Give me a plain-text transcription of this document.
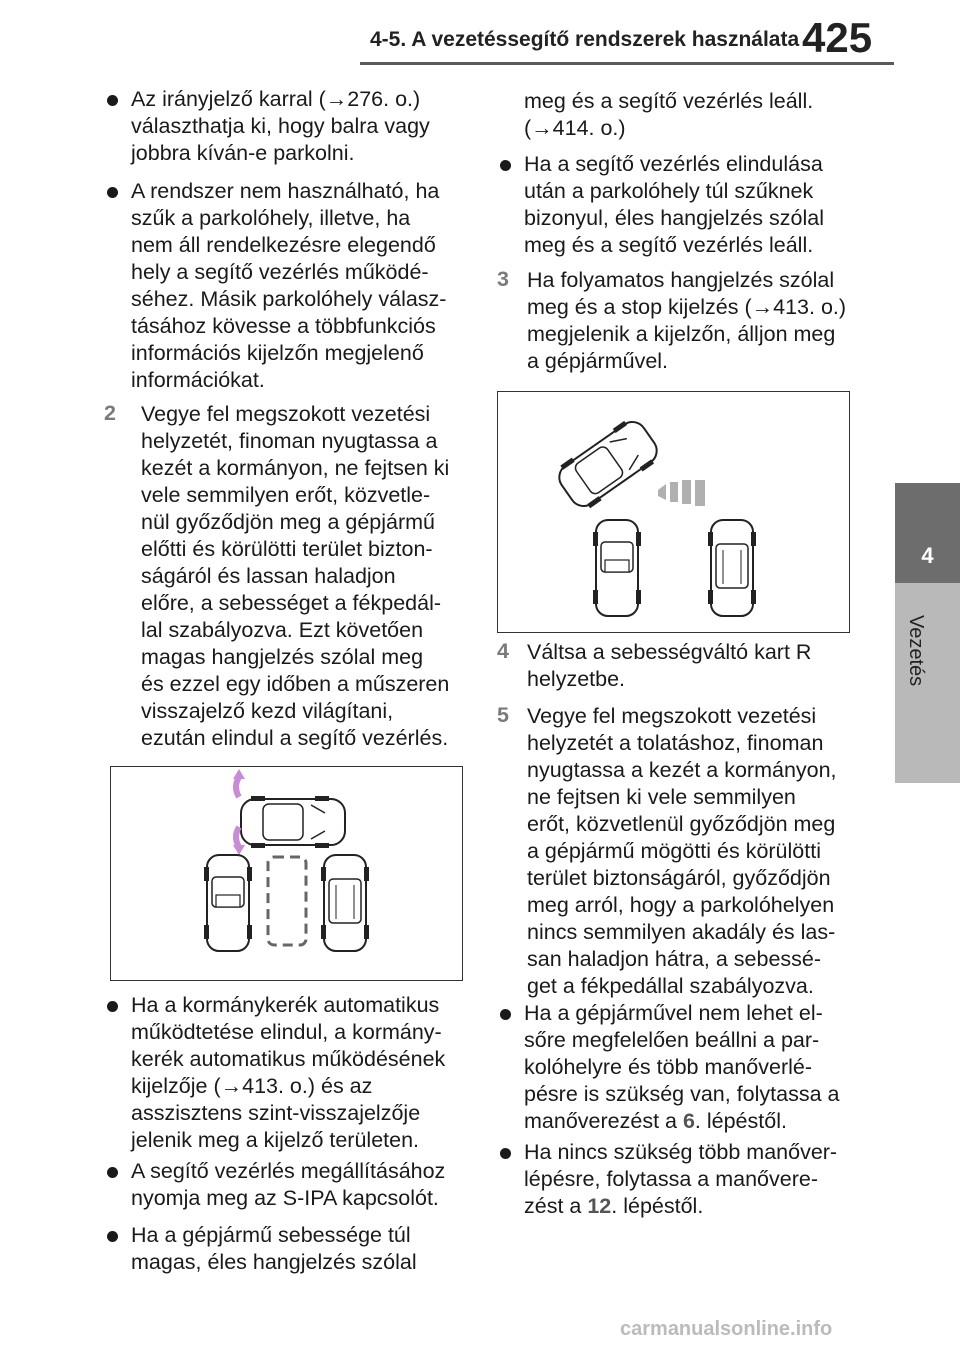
4-5. A vezetéssegítő rendszerek használata 425
4
Vezetés
Az irányjelző karral (→276. o.)
választhatja ki, hogy balra vagy
jobbra kíván-e parkolni.
A rendszer nem használható, ha
szűk a parkolóhely, illetve, ha
nem áll rendelkezésre elegendő
hely a segítő vezérlés működé-
séhez. Másik parkolóhely válasz-
tásához kövesse a többfunkciós
információs kijelzőn megjelenő
információkat.
2 Vegye fel megszokott vezetési
helyzetét, finoman nyugtassa a
kezét a kormányon, ne fejtsen ki
vele semmilyen erőt, közvetle-
nül győződjön meg a gépjármű
előtti és körülötti terület bizton-
ságáról és lassan haladjon
előre, a sebességet a fékpedál-
lal szabályozva. Ezt követően
magas hangjelzés szólal meg
és ezzel egy időben a műszeren
visszajelző kezd világítani,
ezután elindul a segítő vezérlés.
Ha a kormánykerék automatikus
működtetése elindul, a kormány-
kerék automatikus működésének
kijelzője (→413. o.) és az
asszisztens szint-visszajelzője
jelenik meg a kijelző területen.
A segítő vezérlés megállításához
nyomja meg az S-IPA kapcsolót.
Ha a gépjármű sebessége túl
magas, éles hangjelzés szólal
meg és a segítő vezérlés leáll.
(→414. o.)
Ha a segítő vezérlés elindulása
után a parkolóhely túl szűknek
bizonyul, éles hangjelzés szólal
meg és a segítő vezérlés leáll.
3 Ha folyamatos hangjelzés szólal
meg és a stop kijelzés (→413. o.)
megjelenik a kijelzőn, álljon meg
a gépjárművel.
4 Váltsa a sebességváltó kart R
helyzetbe.
5 Vegye fel megszokott vezetési
helyzetét a tolatáshoz, finoman
nyugtassa a kezét a kormányon,
ne fejtsen ki vele semmilyen
erőt, közvetlenül győződjön meg
a gépjármű mögötti és körülötti
terület biztonságáról, győződjön
meg arról, hogy a parkolóhelyen
nincs semmilyen akadály és las-
san haladjon hátra, a sebessé-
get a fékpedállal szabályozva.
Ha a gépjárművel nem lehet el-
sőre megfelelően beállni a par-
kolóhelyre és több manőverlé-
pésre is szükség van, folytassa a
manőverezést a 6. lépéstől.
Ha nincs szükség több manőver-
lépésre, folytassa a manővere-
zést a 12. lépéstől.
carmanualsonline.info
